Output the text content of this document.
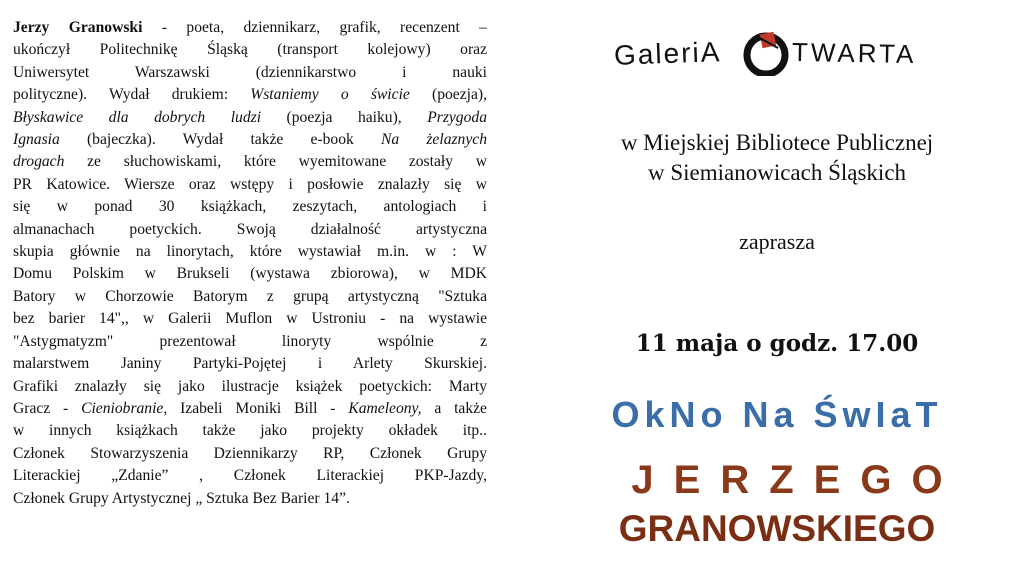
GaleriA	TWARTA
Jerzy Granowski - poeta, dziennikarz, grafik, recenzent –
ukończył Politechnikę Śląską (transport kolejowy) oraz
Uniwersytet Warszawski (dziennikarstwo i nauki
polityczne). Wydał drukiem: Wstaniemy o świcie (poezja),
Błyskawice dla dobrych ludzi (poezja haiku), Przygoda
Ignasia (bajeczka). Wydał także e-book Na żelaznych
drogach ze słuchowiskami, które wyemitowane zostały w
PR Katowice. Wiersze oraz wstępy i posłowie znalazły się w
się w ponad 30 książkach, zeszytach, antologiach i
almanachach poetyckich. Swoją działalność artystyczna
skupia głównie na linorytach, które wystawiał m.in. w : W
Domu Polskim w Brukseli (wystawa zbiorowa), w MDK
Batory w Chorzowie Batorym z grupą artystyczną "Sztuka
bez barier 14",, w Galerii Muflon w Ustroniu - na wystawie
"Astygmatyzm" prezentował linoryty wspólnie z
malarstwem Janiny Partyki-Pojętej i Arlety Skurskiej.
Grafiki znalazły się jako ilustracje książek poetyckich: Marty
Gracz - Cieniobranie, Izabeli Moniki Bill - Kameleony, a także
w innych książkach także jako projekty okładek itp..
Członek Stowarzyszenia Dziennikarzy RP, Członek Grupy
Literackiej „Zdanie” , Członek Literackiej PKP-Jazdy,
Członek Grupy Artystycznej „ Sztuka Bez Barier 14”.
w Miejskiej Bibliotece Publicznej
w Siemianowicach Śląskich
zaprasza
11 maja o godz. 17.00
OkNo Na ŚwIaT
JERZEGO
GRANOWSKIEGO
